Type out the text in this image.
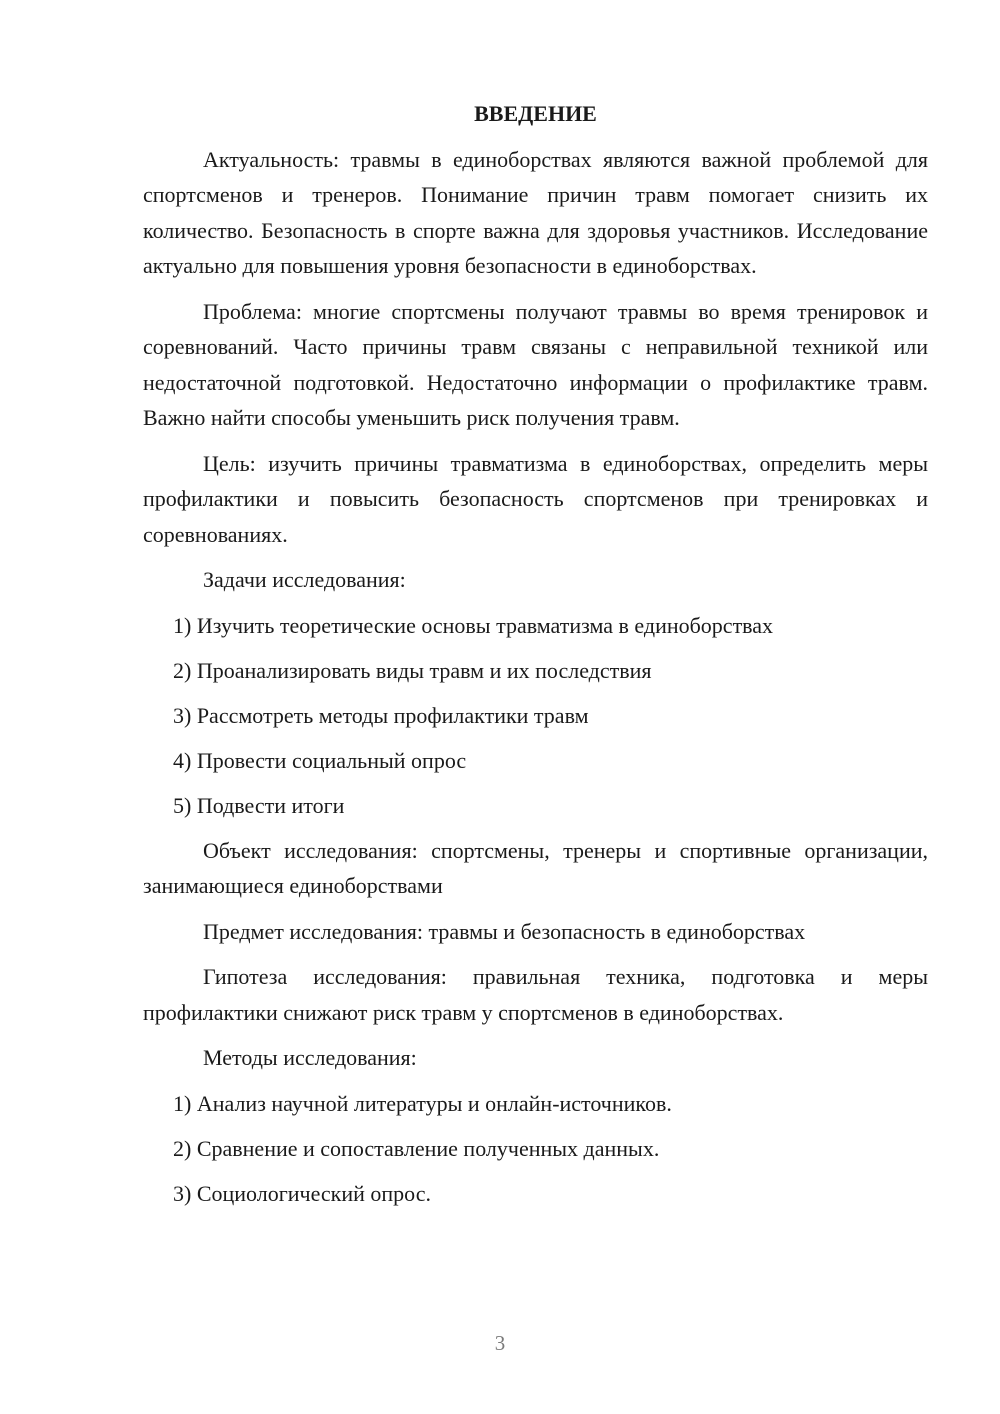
ВВЕДЕНИЕ

Актуальность: травмы в единоборствах являются важной проблемой для спортсменов и тренеров. Понимание причин травм помогает снизить их количество. Безопасность в спорте важна для здоровья участников. Исследование актуально для повышения уровня безопасности в единоборствах.

Проблема: многие спортсмены получают травмы во время тренировок и соревнований. Часто причины травм связаны с неправильной техникой или недостаточной подготовкой. Недостаточно информации о профилактике травм. Важно найти способы уменьшить риск получения травм.

Цель: изучить причины травматизма в единоборствах, определить меры профилактики и повысить безопасность спортсменов при тренировках и соревнованиях.

Задачи исследования:

1) Изучить теоретические основы травматизма в единоборствах
2) Проанализировать виды травм и их последствия
3) Рассмотреть методы профилактики травм
4) Провести социальный опрос
5) Подвести итоги

Объект исследования: спортсмены, тренеры и спортивные организации, занимающиеся единоборствами

Предмет исследования: травмы и безопасность в единоборствах

Гипотеза исследования: правильная техника, подготовка и меры профилактики снижают риск травм у спортсменов в единоборствах.

Методы исследования:

1) Анализ научной литературы и онлайн-источников.
2) Сравнение и сопоставление полученных данных.
3) Социологический опрос.
3
